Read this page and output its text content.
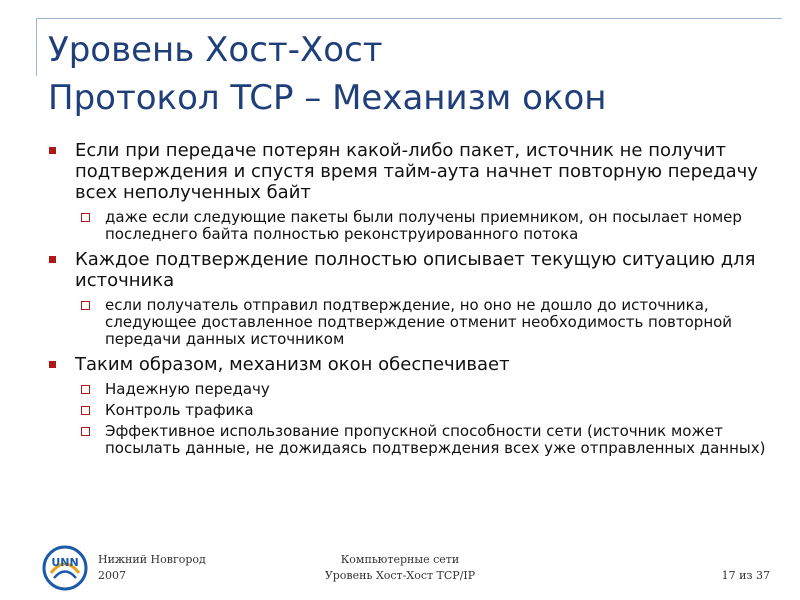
Уровень Хост-Хост
Протокол TCP – Механизм окон
Если при передаче потерян какой-либо пакет, источник не получит подтверждения и спустя время тайм-аута начнет повторную передачу всех неполученных байт
даже если следующие пакеты были получены приемником, он посылает номер последнего байта полностью реконструированного потока
Каждое подтверждение полностью описывает текущую ситуацию для источника
если получатель отправил подтверждение, но оно не дошло до источника, следующее доставленное подтверждение отменит необходимость повторной передачи данных источником
Таким образом, механизм окон обеспечивает
Надежную передачу
Контроль трафика
Эффективное использование пропускной способности сети (источник может посылать данные, не дожидаясь подтверждения всех уже отправленных данных)
UNN Нижний Новгород
2007
Компьютерные сети
Уровень Хост-Хост TCP/IP	17 из 37
